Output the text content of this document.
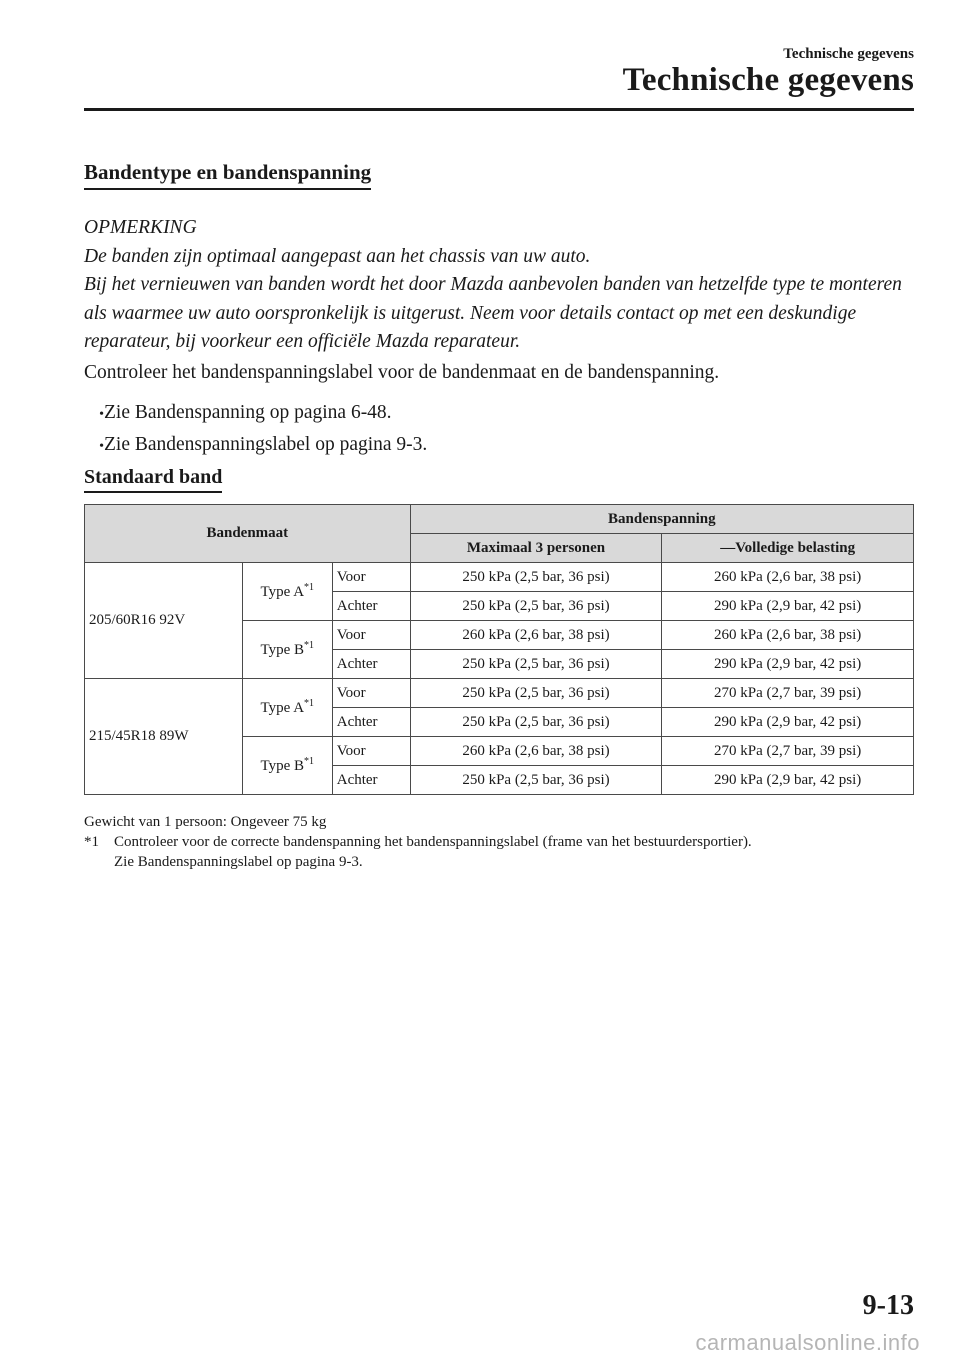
Technische gegevens
Technische gegevens
Bandentype en bandenspanning

OPMERKING

De banden zijn optimaal aangepast aan het chassis van uw auto.

Bij het vernieuwen van banden wordt het door Mazda aanbevolen banden van hetzelfde type te monteren als waarmee uw auto oorspronkelijk is uitgerust. Neem voor details contact op met een deskundige reparateur, bij voorkeur een officiële Mazda reparateur.

Controleer het bandenspanningslabel voor de bandenmaat en de bandenspanning.
• Zie Bandenspanning op pagina 6-48.
• Zie Bandenspanningslabel op pagina 9-3.
Standaard band
Bandenmaat			Bandenspanning	
			Maximaal 3 personen	—Volledige belasting
205/60R16 92V	Type $A^{*1}$	Voor	250 kPa (2,5 bar, 36 psi)	260 kPa (2,6 bar, 38 psi)
		Achter	250 kPa (2,5 bar, 36 psi)	290 kPa (2,9 bar, 42 psi)
	Type $B^{*1}$	Voor	260 kPa (2,6 bar, 38 psi)	260 kPa (2,6 bar, 38 psi)
		Achter	250 kPa (2,5 bar, 36 psi)	290 kPa (2,9 bar, 42 psi)
215/45R18 89W	Type $A^{*1}$	Voor	250 kPa (2,5 bar, 36 psi)	270 kPa (2,7 bar, 39 psi)
		Achter	250 kPa (2,5 bar, 36 psi)	290 kPa (2,9 bar, 42 psi)
	Type $B^{*1}$	Voor	260 kPa (2,6 bar, 38 psi)	270 kPa (2,7 bar, 39 psi)
		Achter	250 kPa (2,5 bar, 36 psi)	290 kPa (2,9 bar, 42 psi)
Gewicht van 1 persoon: Ongeveer 75 kg
*1	Controleer voor de correcte bandenspanning het bandenspanningslabel (frame van het bestuurdersportier).
Zie Bandenspanningslabel op pagina 9-3.
9-13
carmanualsonline.info
